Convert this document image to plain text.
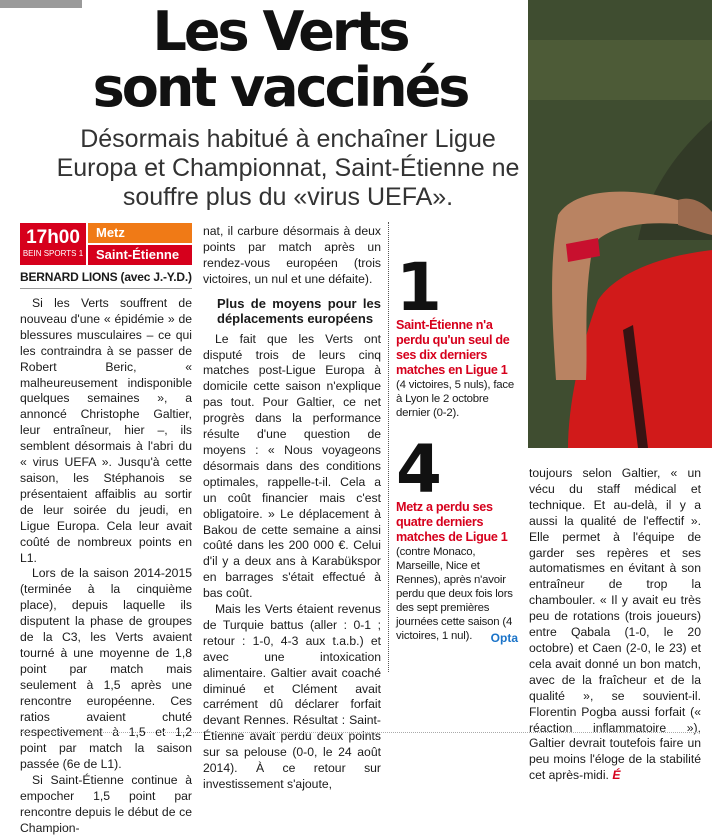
Les Verts
sont vaccinés
Désormais habitué à enchaîner Ligue Europa et Championnat, Saint-Étienne ne souffre plus du «virus UEFA».
17h00
BEIN SPORTS 1
Metz
Saint-Étienne
BERNARD LIONS (avec J.-Y.D.)

Si les Verts souffrent de nouveau d'une « épidémie » de blessures musculaires – ce qui les contraindra à se passer de Robert Beric, « malheureusement indisponible quelques semaines », a annoncé Christophe Galtier, leur entraîneur, hier –, ils semblent désormais à l'abri du « virus UEFA ». Jusqu'à cette saison, les Stéphanois se présentaient affaiblis au sortir de leur soirée du jeudi, en Ligue Europa. Cela leur avait coûté de nombreux points en L1.

Lors de la saison 2014-2015 (terminée à la cinquième place), depuis laquelle ils disputent la phase de groupes de la C3, les Verts avaient tourné à une moyenne de 1,8 point par match mais seulement à 1,5 après une rencontre européenne. Ces ratios avaient chuté respectivement à 1,5 et 1,2 point par match la saison passée (6e de L1).

Si Saint-Étienne continue à empocher 1,5 point par rencontre depuis le début de ce Champion-

nat, il carbure désormais à deux points par match après un rendez-vous européen (trois victoires, un nul et une défaite).

Plus de moyens pour les déplacements européens

Le fait que les Verts ont disputé trois de leurs cinq matches post-Ligue Europa à domicile cette saison n'explique pas tout. Pour Galtier, ce net progrès dans la performance résulte d'une question de moyens : « Nous voyageons désormais dans des conditions optimales, rappelle-t-il. Cela a un coût financier mais c'est obligatoire. » Le déplacement à Bakou de cette semaine a ainsi coûté dans les 200 000 €. Celui d'il y a deux ans à Karabükspor en barrages s'était effectué à bas coût.

Mais les Verts étaient revenus de Turquie battus (aller : 0-1 ; retour : 1-0, 4-3 aux t.a.b.) et avec une intoxication alimentaire. Galtier avait coaché diminué et Clément avait carrément dû déclarer forfait devant Rennes. Résultat : Saint-Étienne avait perdu deux points sur sa pelouse (0-0, le 24 août 2014). À ce retour sur investissement s'ajoute,

1
Saint-Étienne n'a perdu qu'un seul de ses dix derniers matches en Ligue 1
(4 victoires, 5 nuls), face à Lyon le 2 octobre dernier (0-2).
4
Metz a perdu ses quatre derniers matches de Ligue 1
(contre Monaco, Marseille, Nice et Rennes), après n'avoir perdu que deux fois lors des sept premières journées cette saison (4 victoires, 1 nul).	Opta

toujours selon Galtier, « un vécu du staff médical et technique. Et au-delà, il y a aussi la qualité de l'effectif ». Elle permet à l'équipe de garder ses repères et ses automatismes en évitant à son entraîneur de trop la chambouler. « Il y avait eu très peu de rotations (trois joueurs) entre Qabala (1-0, le 20 octobre) et Caen (2-0, le 23) et cela avait donné un bon match, avec de la fraîcheur et de la qualité », se souvient-il. Florentin Pogba aussi forfait (« réaction inflammatoire »), Galtier devrait toutefois faire un peu moins l'éloge de la stabilité cet après-midi. É
